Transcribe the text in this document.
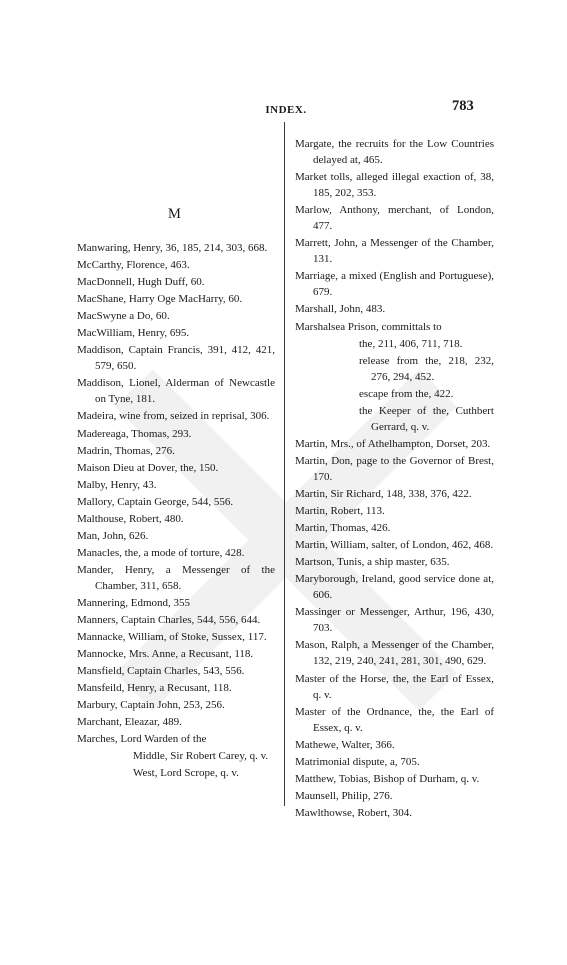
INDEX.	783
M
Manwaring, Henry, 36, 185, 214, 303, 668.
McCarthy, Florence, 463.
MacDonnell, Hugh Duff, 60.
MacShane, Harry Oge MacHarry, 60.
MacSwyne a Do, 60.
MacWilliam, Henry, 695.
Maddison, Captain Francis, 391, 412, 421, 579, 650.
Maddison, Lionel, Alderman of Newcastle on Tyne, 181.
Madeira, wine from, seized in reprisal, 306.
Madereaga, Thomas, 293.
Madrin, Thomas, 276.
Maison Dieu at Dover, the, 150.
Malby, Henry, 43.
Mallory, Captain George, 544, 556.
Malthouse, Robert, 480.
Man, John, 626.
Manacles, the, a mode of torture, 428.
Mander, Henry, a Messenger of the Chamber, 311, 658.
Mannering, Edmond, 355
Manners, Captain Charles, 544, 556, 644.
Mannacke, William, of Stoke, Sussex, 117.
Mannocke, Mrs. Anne, a Recusant, 118.
Mansfield, Captain Charles, 543, 556.
Mansfeild, Henry, a Recusant, 118.
Marbury, Captain John, 253, 256.
Marchant, Eleazar, 489.
Marches, Lord Warden of the
Middle, Sir Robert Carey, q. v.
West, Lord Scrope, q. v.
Margate, the recruits for the Low Countries delayed at, 465.
Market tolls, alleged illegal exaction of, 38, 185, 202, 353.
Marlow, Anthony, merchant, of London, 477.
Marrett, John, a Messenger of the Chamber, 131.
Marriage, a mixed (English and Portuguese), 679.
Marshall, John, 483.
Marshalsea Prison, committals to
the, 211, 406, 711, 718.
release from the, 218, 232, 276, 294, 452.
escape from the, 422.
the Keeper of the, Cuthbert Gerrard, q. v.
Martin, Mrs., of Athelhampton, Dorset, 203.
Martin, Don, page to the Governor of Brest, 170.
Martin, Sir Richard, 148, 338, 376, 422.
Martin, Robert, 113.
Martin, Thomas, 426.
Martin, William, salter, of London, 462, 468.
Martson, Tunis, a ship master, 635.
Maryborough, Ireland, good service done at, 606.
Massinger or Messenger, Arthur, 196, 430, 703.
Mason, Ralph, a Messenger of the Chamber, 132, 219, 240, 241, 281, 301, 490, 629.
Master of the Horse, the, the Earl of Essex, q. v.
Master of the Ordnance, the, the Earl of Essex, q. v.
Mathewe, Walter, 366.
Matrimonial dispute, a, 705.
Matthew, Tobias, Bishop of Durham, q. v.
Maunsell, Philip, 276.
Mawlthowse, Robert, 304.
